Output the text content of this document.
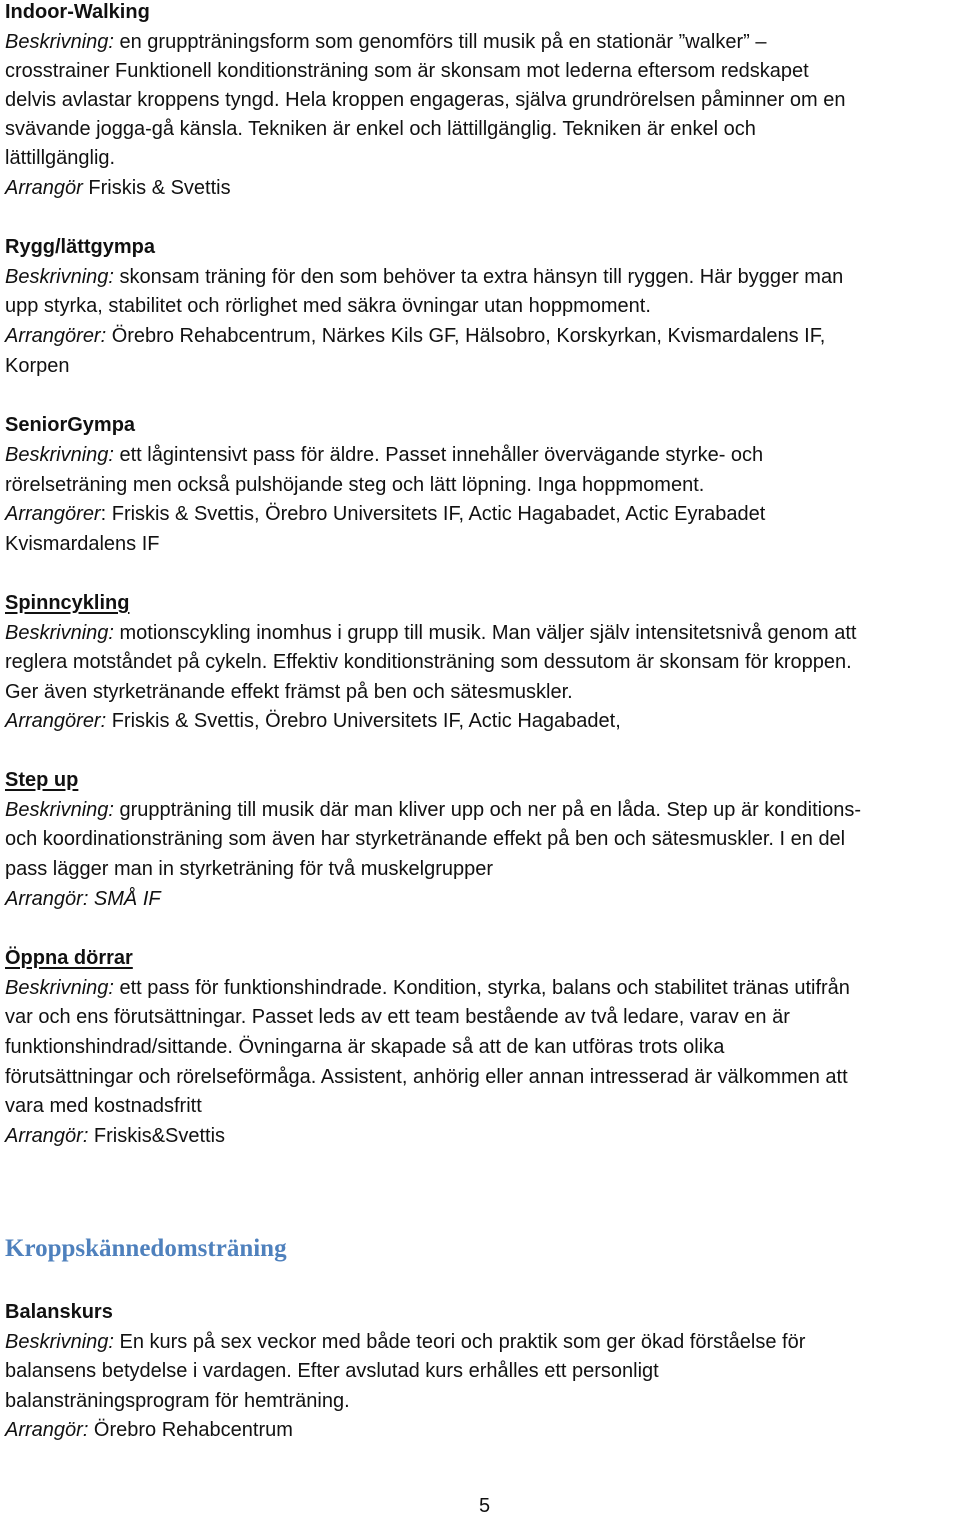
Indoor-Walking
Beskrivning: en gruppträningsform som genomförs till musik på en stationär ”walker” –
crosstrainer Funktionell konditionsträning som är skonsam mot lederna eftersom redskapet
delvis avlastar kroppens tyngd. Hela kroppen engageras, själva grundrörelsen påminner om en
svävande jogga-gå känsla. Tekniken är enkel och lättillgänglig. Tekniken är enkel och
lättillgänglig.
Arrangör Friskis & Svettis
Rygg/lättgympa
Beskrivning: skonsam träning för den som behöver ta extra hänsyn till ryggen. Här bygger man
upp styrka, stabilitet och rörlighet med säkra övningar utan hoppmoment.
Arrangörer: Örebro Rehabcentrum, Närkes Kils GF, Hälsobro, Korskyrkan, Kvismardalens IF,
Korpen
SeniorGympa
Beskrivning: ett lågintensivt pass för äldre. Passet innehåller övervägande styrke- och
rörelseträning men också pulshöjande steg och lätt löpning. Inga hoppmoment.
Arrangörer: Friskis & Svettis, Örebro Universitets IF, Actic Hagabadet, Actic Eyrabadet
Kvismardalens IF
Spinncykling
Beskrivning: motionscykling inomhus i grupp till musik. Man väljer själv intensitetsnivå genom att
reglera motståndet på cykeln. Effektiv konditionsträning som dessutom är skonsam för kroppen.
Ger även styrketränande effekt främst på ben och sätesmuskler.
Arrangörer: Friskis & Svettis, Örebro Universitets IF, Actic Hagabadet,
Step up
Beskrivning: gruppträning till musik där man kliver upp och ner på en låda. Step up är konditions-
och koordinationsträning som även har styrketränande effekt på ben och sätesmuskler. I en del
pass lägger man in styrketräning för två muskelgrupper
Arrangör: SMÅ IF
Öppna dörrar
Beskrivning: ett pass för funktionshindrade. Kondition, styrka, balans och stabilitet tränas utifrån
var och ens förutsättningar. Passet leds av ett team bestående av två ledare, varav en är
funktionshindrad/sittande. Övningarna är skapade så att de kan utföras trots olika
förutsättningar och rörelseförmåga. Assistent, anhörig eller annan intresserad är välkommen att
vara med kostnadsfritt
Arrangör: Friskis&Svettis
Kroppskännedomsträning
Balanskurs
Beskrivning: En kurs på sex veckor med både teori och praktik som ger ökad förståelse för
balansens betydelse i vardagen. Efter avslutad kurs erhålles ett personligt
balansträningsprogram för hemträning.
Arrangör: Örebro Rehabcentrum
5
